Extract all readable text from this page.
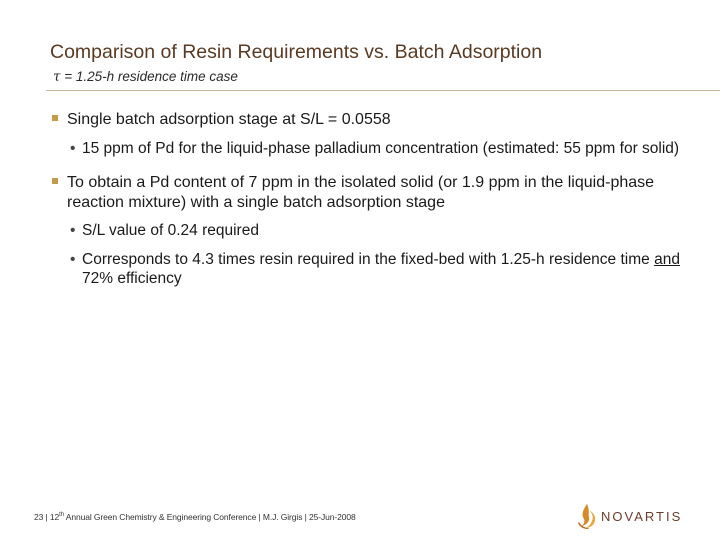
Comparison of Resin Requirements vs. Batch Adsorption
τ = 1.25-h residence time case
Single batch adsorption stage at S/L = 0.0558
• 15 ppm of Pd for the liquid-phase palladium concentration (estimated: 55 ppm for solid)
To obtain a Pd content of 7 ppm in the isolated solid (or 1.9 ppm in the liquid-phase reaction mixture) with a single batch adsorption stage
• S/L value of 0.24 required
• Corresponds to 4.3 times resin required in the fixed-bed with 1.25-h residence time and 72% efficiency
23 | 12th Annual Green Chemistry & Engineering Conference | M.J. Girgis | 25-Jun-2008	NOVARTIS
